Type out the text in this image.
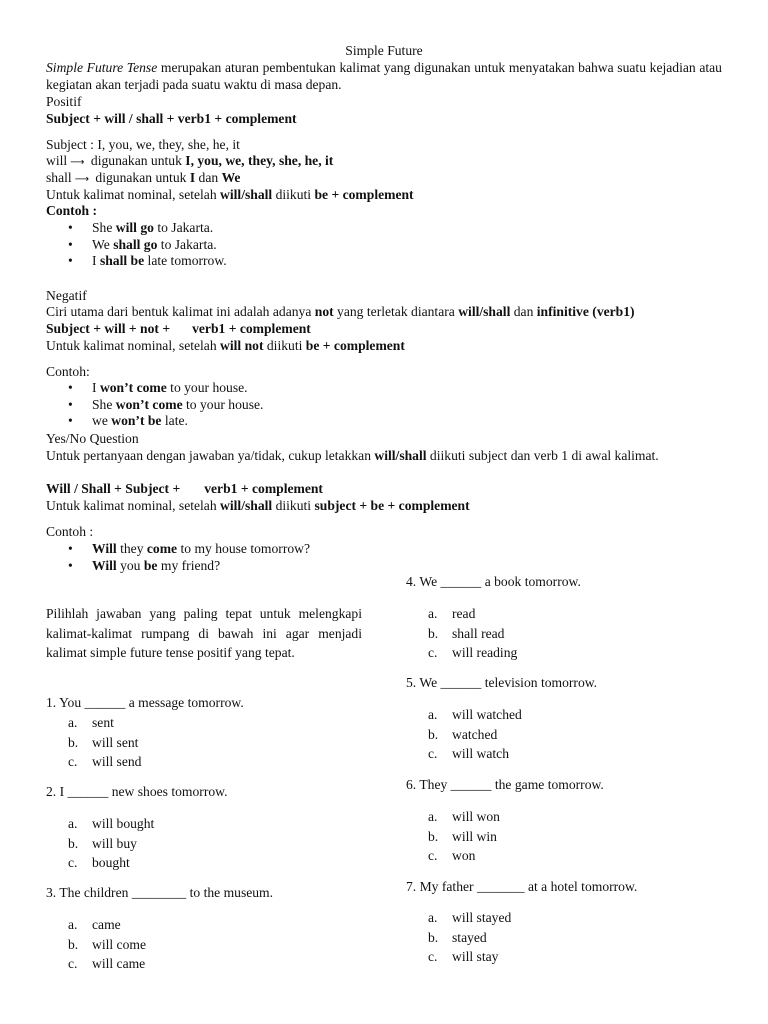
Simple Future
Simple Future Tense merupakan aturan pembentukan kalimat yang digunakan untuk menyatakan bahwa suatu kejadian atau kegiatan akan terjadi pada suatu waktu di masa depan.
Positif
Subject + will / shall + verb1 + complement
Subject : I, you, we, they, she, he, it
will ⟶ digunakan untuk I, you, we, they, she, he, it
shall ⟶ digunakan untuk I dan We
Untuk kalimat nominal, setelah will/shall diikuti be + complement
Contoh :
• She will go to Jakarta.
• We shall go to Jakarta.
• I shall be late tomorrow.
Negatif
Ciri utama dari bentuk kalimat ini adalah adanya not yang terletak diantara will/shall dan infinitive (verb1)
Subject + will + not + verb1 + complement
Untuk kalimat nominal, setelah will not diikuti be + complement
Contoh:
• I won’t come to your house.
• She won’t come to your house.
• we won’t be late.
Yes/No Question
Untuk pertanyaan dengan jawaban ya/tidak, cukup letakkan will/shall diikuti subject dan verb 1 di awal kalimat.
Will / Shall + Subject + verb1 + complement
Untuk kalimat nominal, setelah will/shall diikuti subject + be + complement
Contoh :
• Will they come to my house tomorrow?
• Will you be my friend?
Pilihlah jawaban yang paling tepat untuk melengkapi kalimat-kalimat rumpang di bawah ini agar menjadi kalimat simple future tense positif yang tepat.
1. You ______ a message tomorrow.
a. sent
b. will sent
c. will send
2. I ______ new shoes tomorrow.
a. will bought
b. will buy
c. bought
3. The children ________ to the museum.
a. came
b. will come
c. will came
4. We ______ a book tomorrow.
a. read
b. shall read
c. will reading
5. We ______ television tomorrow.
a. will watched
b. watched
c. will watch
6. They ______ the game tomorrow.
a. will won
b. will win
c. won
7. My father _______ at a hotel tomorrow.
a. will stayed
b. stayed
c. will stay
